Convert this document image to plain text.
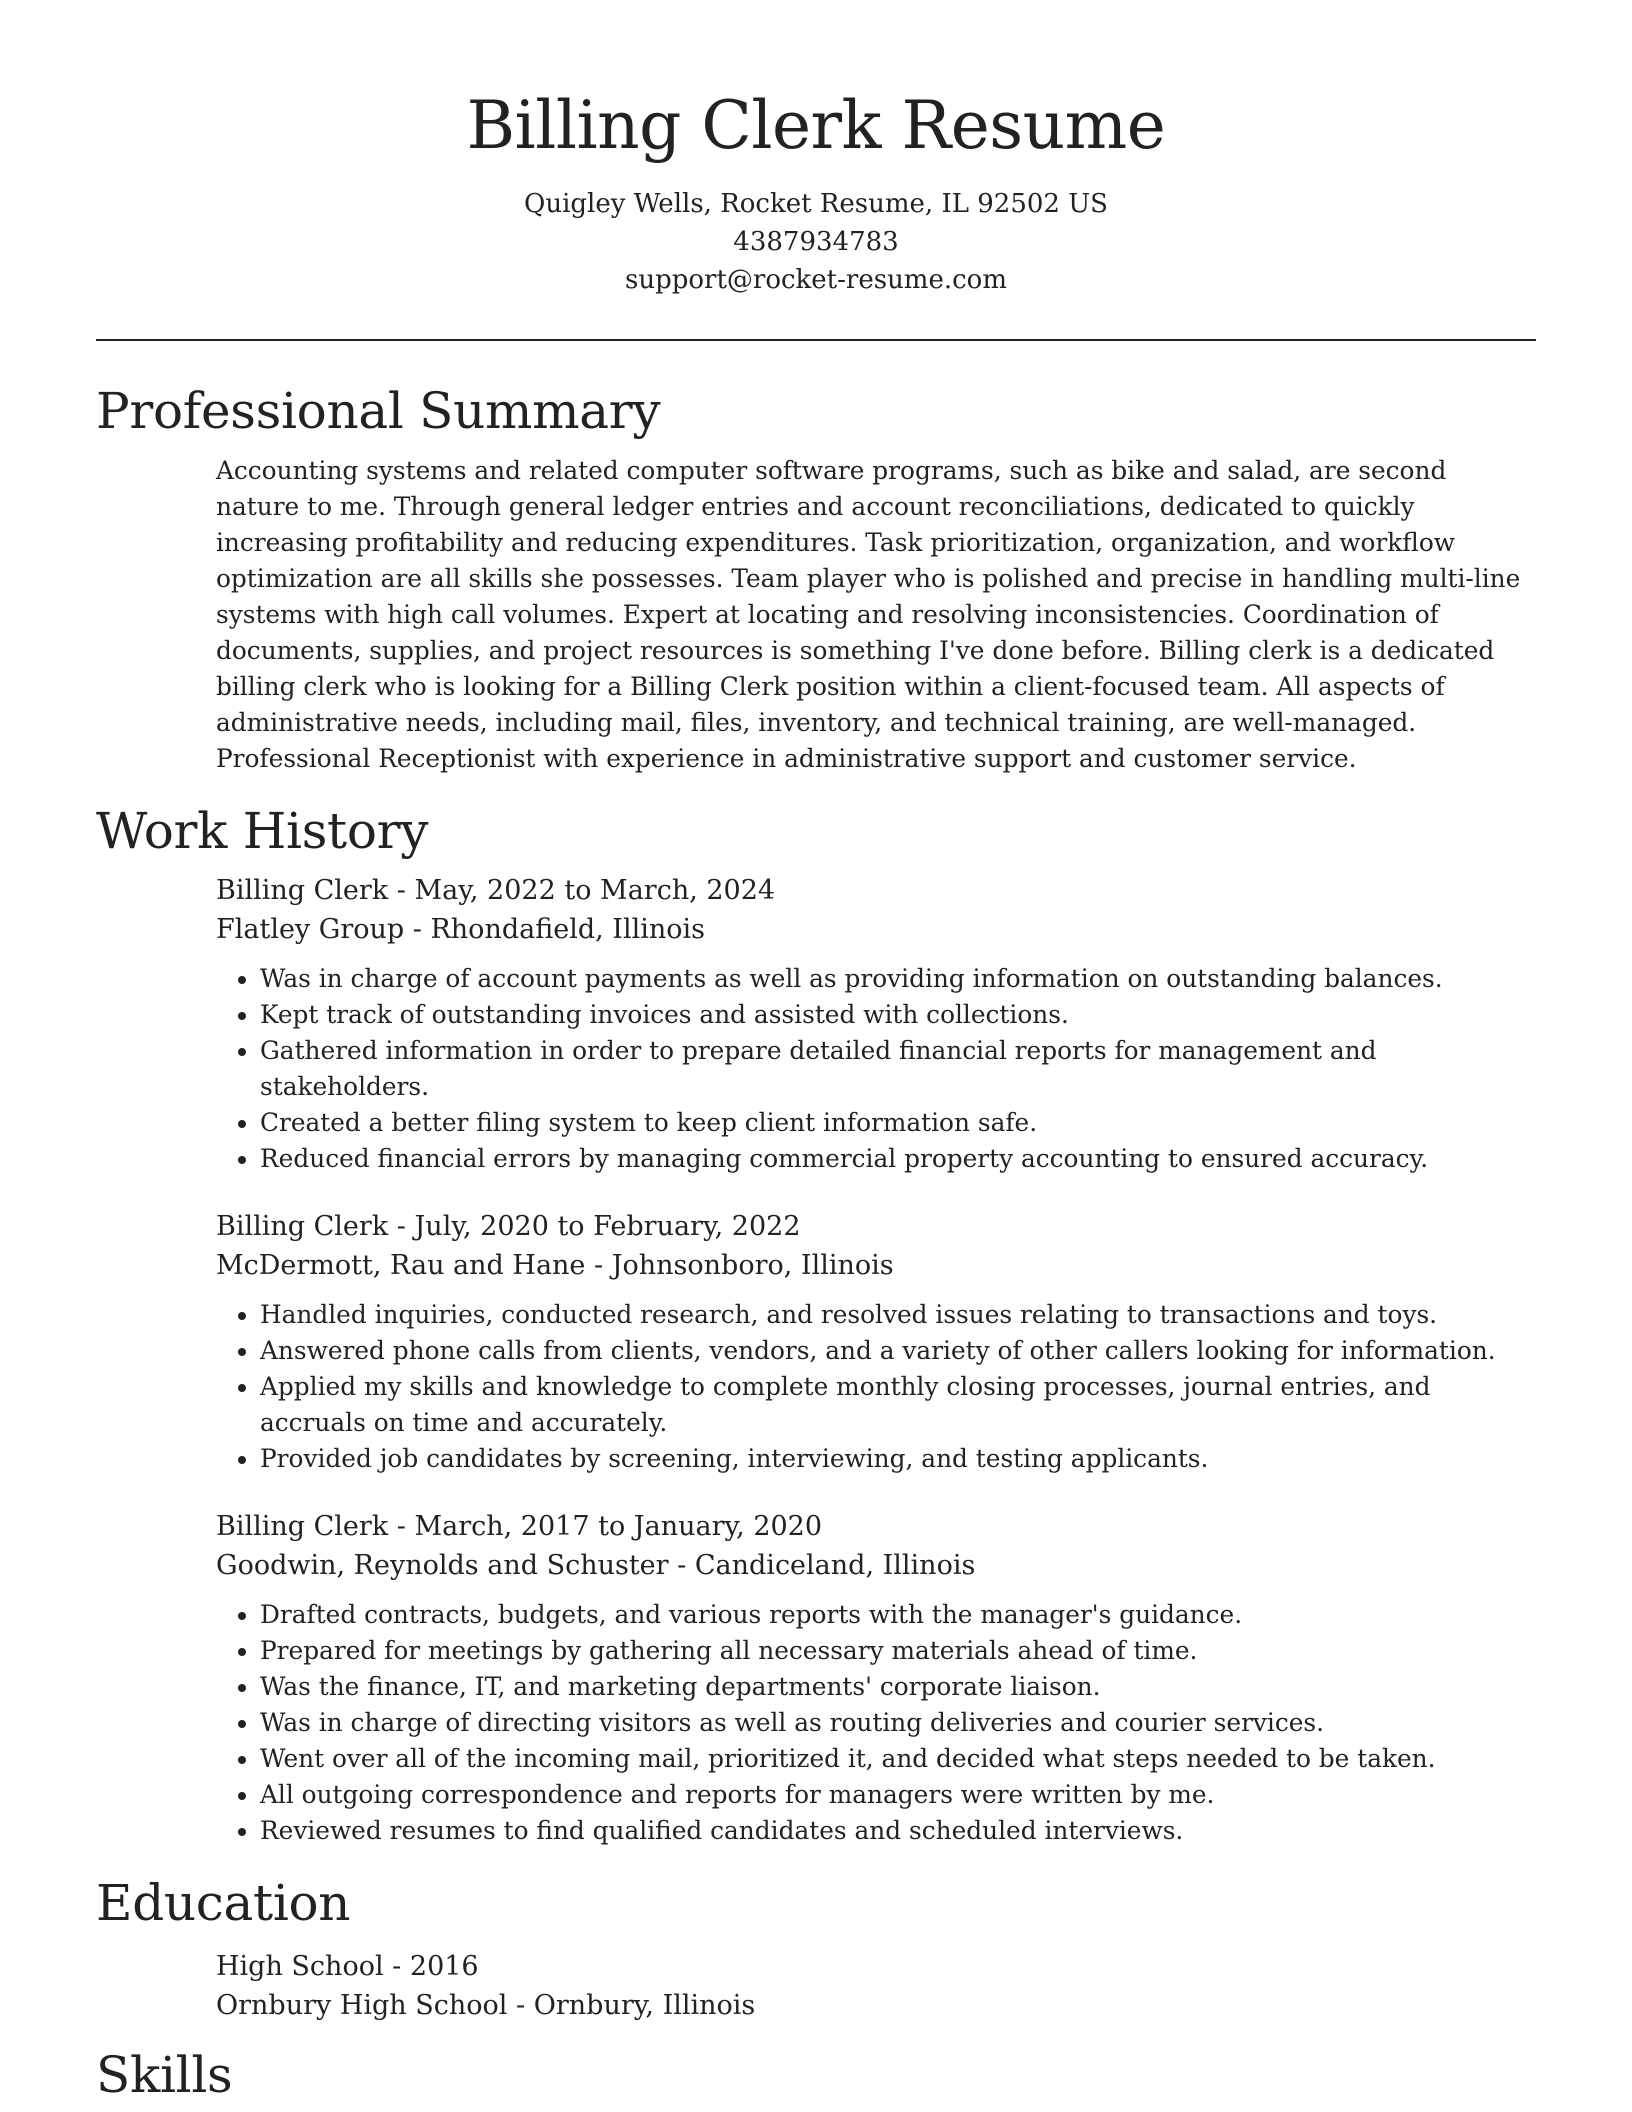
Billing Clerk Resume
Quigley Wells, Rocket Resume, IL 92502 US
4387934783
support@rocket-resume.com
Professional Summary

Accounting systems and related computer software programs, such as bike and salad, are second nature to me. Through general ledger entries and account reconciliations, dedicated to quickly increasing profitability and reducing expenditures. Task prioritization, organization, and workflow optimization are all skills she possesses. Team player who is polished and precise in handling multi-line systems with high call volumes. Expert at locating and resolving inconsistencies. Coordination of documents, supplies, and project resources is something I've done before. Billing clerk is a dedicated billing clerk who is looking for a Billing Clerk position within a client-focused team. All aspects of administrative needs, including mail, files, inventory, and technical training, are well-managed. Professional Receptionist with experience in administrative support and customer service.

Work History
Billing Clerk - May, 2022 to March, 2024
Flatley Group - Rhondafield, Illinois
• Was in charge of account payments as well as providing information on outstanding balances.
• Kept track of outstanding invoices and assisted with collections.
• Gathered information in order to prepare detailed financial reports for management and stakeholders.
• Created a better filing system to keep client information safe.
• Reduced financial errors by managing commercial property accounting to ensured accuracy.
Billing Clerk - July, 2020 to February, 2022
McDermott, Rau and Hane - Johnsonboro, Illinois
• Handled inquiries, conducted research, and resolved issues relating to transactions and toys.
• Answered phone calls from clients, vendors, and a variety of other callers looking for information.
• Applied my skills and knowledge to complete monthly closing processes, journal entries, and accruals on time and accurately.
• Provided job candidates by screening, interviewing, and testing applicants.
Billing Clerk - March, 2017 to January, 2020
Goodwin, Reynolds and Schuster - Candiceland, Illinois
• Drafted contracts, budgets, and various reports with the manager's guidance.
• Prepared for meetings by gathering all necessary materials ahead of time.
• Was the finance, IT, and marketing departments' corporate liaison.
• Was in charge of directing visitors as well as routing deliveries and courier services.
• Went over all of the incoming mail, prioritized it, and decided what steps needed to be taken.
• All outgoing correspondence and reports for managers were written by me.
• Reviewed resumes to find qualified candidates and scheduled interviews.
Education
High School - 2016
Ornbury High School - Ornbury, Illinois
Skills
